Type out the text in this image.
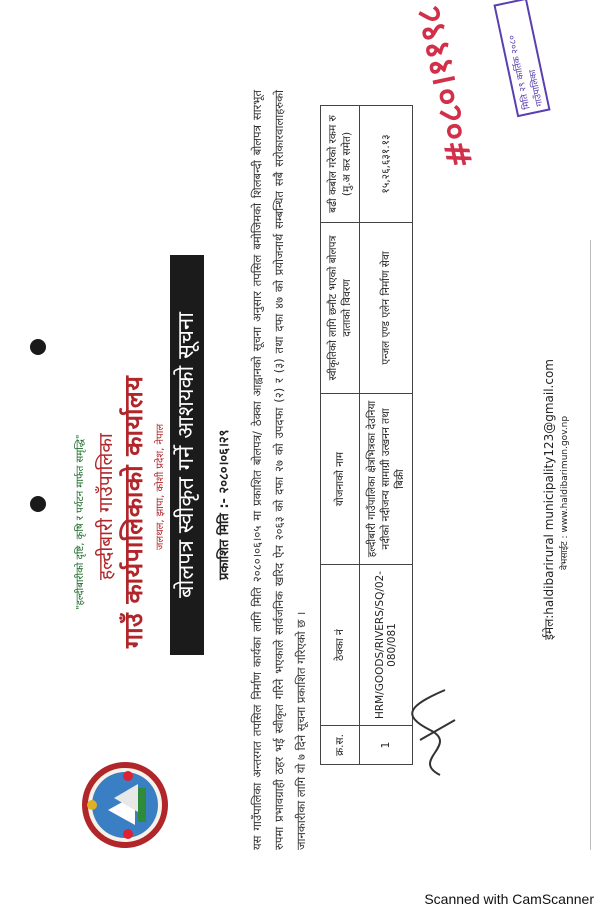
"हल्दीबारीको दृष्टि, कृषि र पर्यटन मार्फत समृद्धि" हल्दीबारी गाउँपालिका गाउँ कार्यपालिकाको कार्यालय जलथल, झापा, कोशी प्रदेश, नेपाल बोलपत्र स्वीकृत गर्ने आशयको सूचना	प्रकाशित मिति :- २०८०।०६।२९	यस गाउँपालिका अन्तरगत तपसिल निर्माण कार्यका लागि मिति २०८०।०६।०५ मा प्रकाशित बोलपत्र/ ठेक्का आह्वानको सूचना अनुसार तपसिल बमोजिमको शिलबन्दी बोलपत्र सारभूत रुपमा प्रभावग्राही ठहर भई स्वीकृत गरिने भएकाले सार्वजनिक खरिद ऐन २०६३ को दफा २७ को उपदफा (२) र (३) तथा दफा ४७ को प्रयोजनार्थ सम्बन्धित सबै सरोकारवालाहरुको जानकारीका लागि यो ७ दिने सूचना प्रकाशित गरिएको छ ।	क्र.स.	ठेक्का नं	योजनाको नाम	स्वीकृतिको लागि छनौट भएको बोलपत्र दाताको विवरण	बढी कबोल गरेको रकम रु (मु.अ कर समेत)
1	HRM/GOODS/RIVERS/SQ/02-080/081	हल्दीबारी गाउँपालिका क्षेत्रभित्रका देउनिया नदीको नदीजन्य सामाग्री उत्खनन तथा बिक्री	एन्जल एण्ड एलेन निर्माण सेवा	१५,२६,६३१.१३ #०८०।११९८	मिति २९ कार्तिक २०८० गाउँपालिका
ईमेल:haldibarirural municipality123@gmail.com वेभसाईट : www.haldibarimun.gov.np
Scanned with CamScanner
